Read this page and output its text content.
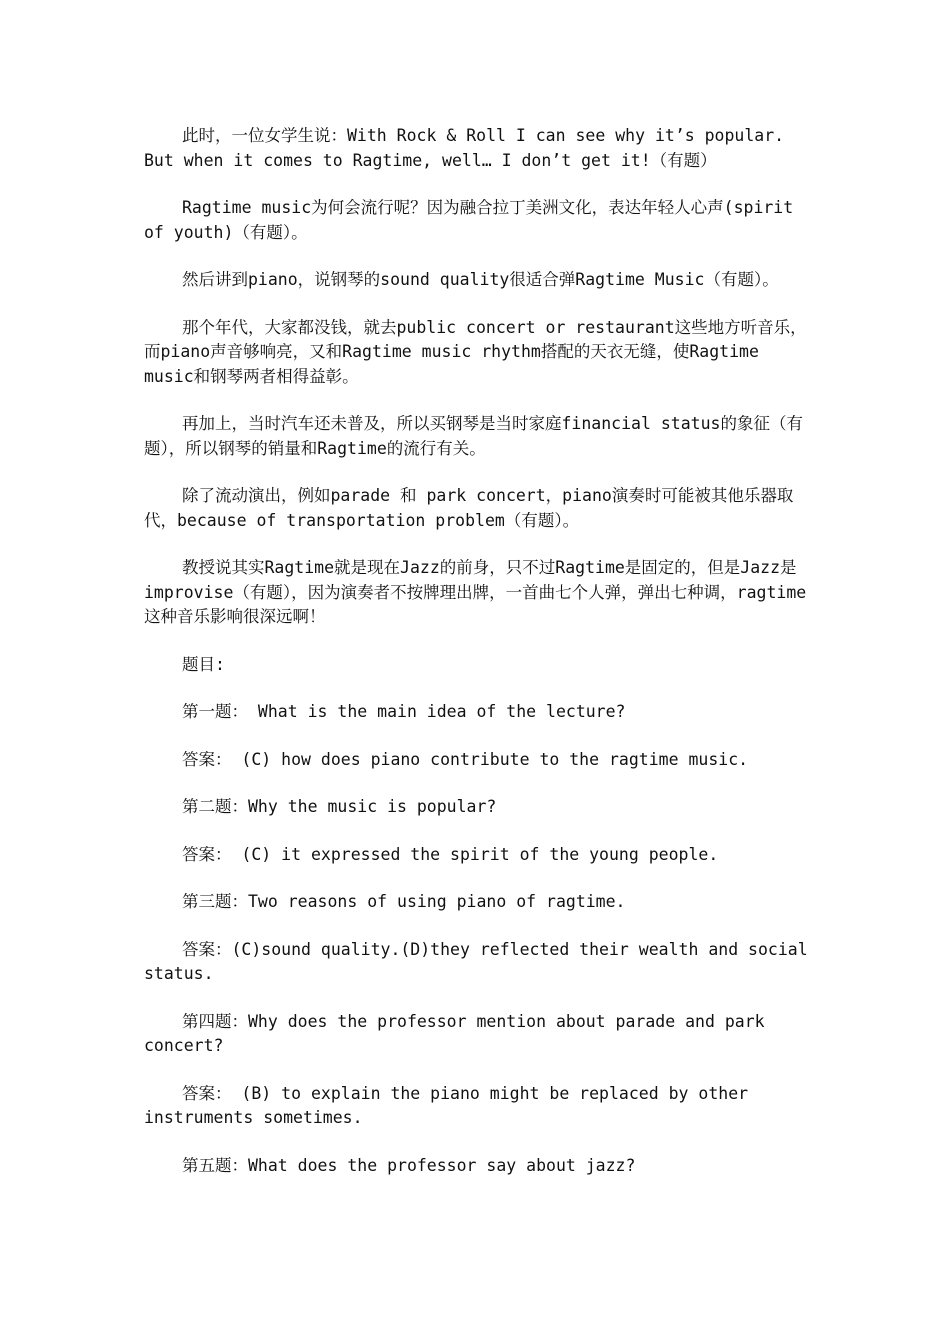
此时，一位女学生说：With Rock & Roll I can see why it’s popular. But when it comes to Ragtime, well… I don’t get it!（有题）

Ragtime music为何会流行呢？因为融合拉丁美洲文化，表达年轻人心声(spirit of youth)（有题）。

然后讲到piano，说钢琴的sound quality很适合弹Ragtime Music（有题）。

那个年代，大家都没钱，就去public concert or restaurant这些地方听音乐，而piano声音够响亮，又和Ragtime music rhythm搭配的天衣无缝，使Ragtime music和钢琴两者相得益彰。

再加上，当时汽车还未普及，所以买钢琴是当时家庭financial status的象征（有题），所以钢琴的销量和Ragtime的流行有关。

除了流动演出，例如parade 和 park concert，piano演奏时可能被其他乐器取代，because of transportation problem（有题）。

教授说其实Ragtime就是现在Jazz的前身，只不过Ragtime是固定的，但是Jazz是improvise（有题），因为演奏者不按牌理出牌，一首曲七个人弹，弹出七种调，ragtime这种音乐影响很深远啊！

题目:

第一题： What is the main idea of the lecture?

答案： (C) how does piano contribute to the ragtime music.

第二题：Why the music is popular?

答案： (C) it expressed the spirit of the young people.

第三题：Two reasons of using piano of ragtime.

答案：(C)sound quality.(D)they reflected their wealth and social status.

第四题：Why does the professor mention about parade and park concert?

答案： (B) to explain the piano might be replaced by other instruments sometimes.

第五题：What does the professor say about jazz?
